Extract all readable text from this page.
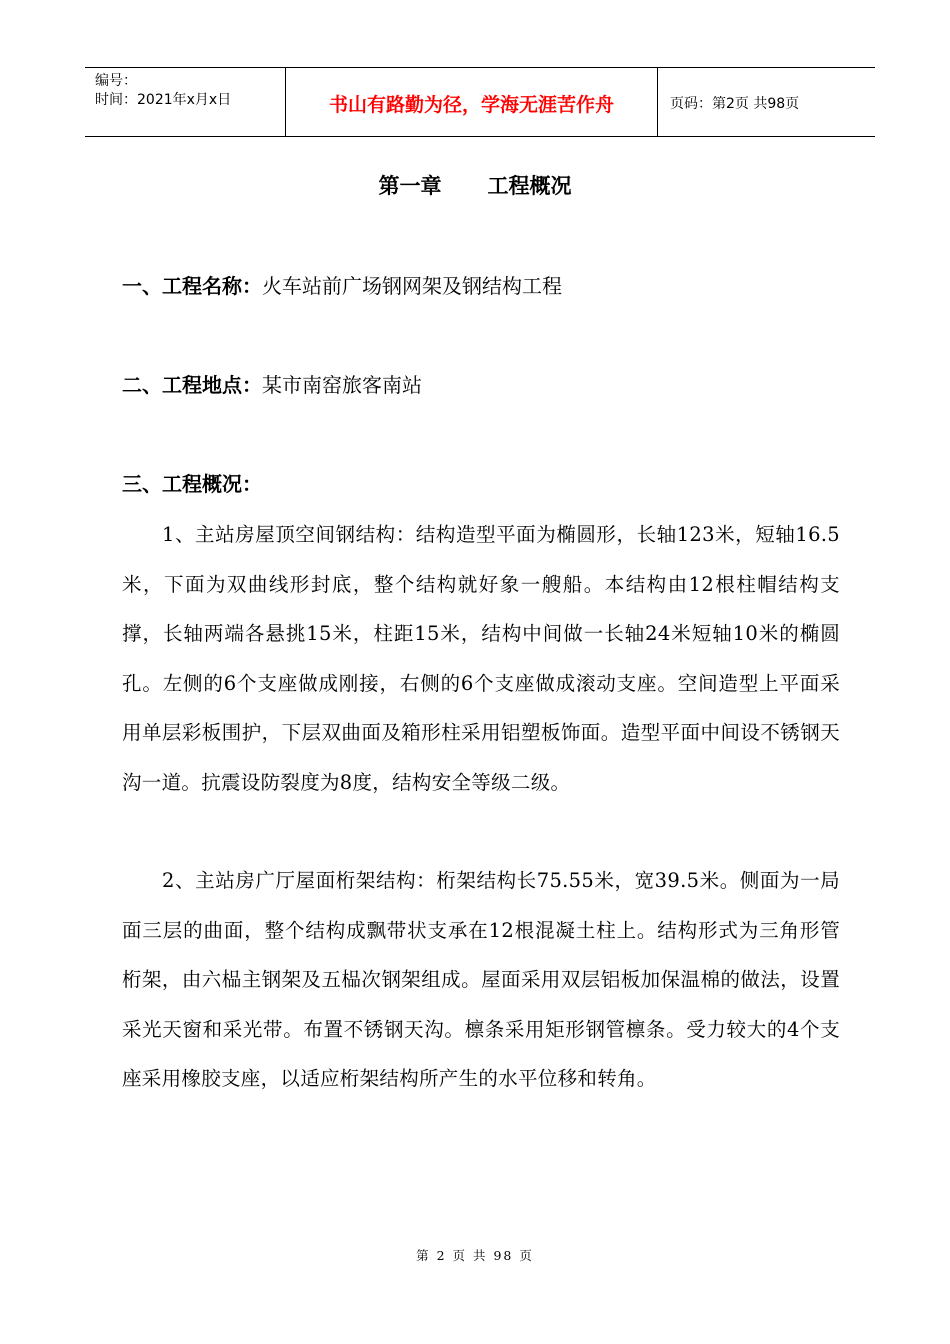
编号：
时间：2021年x月x日	书山有路勤为径，学海无涯苦作舟	页码：第2页 共98页
第一章 工程概况
一、工程名称：火车站前广场钢网架及钢结构工程
二、工程地点：某市南窑旅客南站
三、工程概况：
1、主站房屋顶空间钢结构：结构造型平面为椭圆形，长轴123米，短轴16.5米，下面为双曲线形封底，整个结构就好象一艘船。本结构由12根柱帽结构支撑，长轴两端各悬挑15米，柱距15米，结构中间做一长轴24米短轴10米的椭圆孔。左侧的6个支座做成刚接，右侧的6个支座做成滚动支座。空间造型上平面采用单层彩板围护，下层双曲面及箱形柱采用铝塑板饰面。造型平面中间设不锈钢天沟一道。抗震设防裂度为8度，结构安全等级二级。
2、主站房广厅屋面桁架结构：桁架结构长75.55米，宽39.5米。侧面为一局面三层的曲面，整个结构成飘带状支承在12根混凝土柱上。结构形式为三角形管桁架，由六榀主钢架及五榀次钢架组成。屋面采用双层铝板加保温棉的做法，设置采光天窗和采光带。布置不锈钢天沟。檩条采用矩形钢管檩条。受力较大的4个支座采用橡胶支座，以适应桁架结构所产生的水平位移和转角。
第 2 页 共 98 页
